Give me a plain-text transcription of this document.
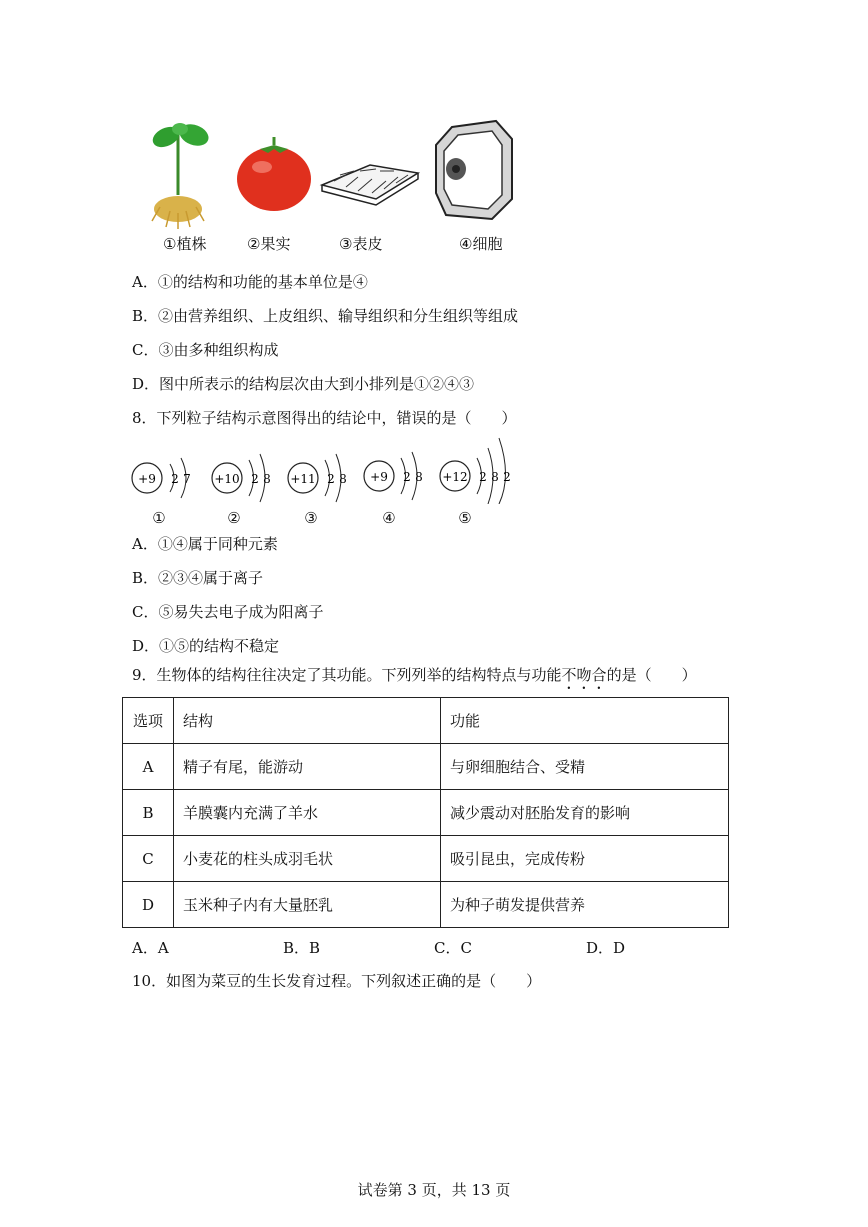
①植株	②果实	③表皮	④细胞
A．①的结构和功能的基本单位是④
B．②由营养组织、上皮组织、输导组织和分生组织等组成
C．③由多种组织构成
D．图中所表示的结构层次由大到小排列是①②④③
8．下列粒子结构示意图得出的结论中，错误的是（　　）
+9 2 7 +10 2 8 +11 2 8 +9 2 8 +12 2 8 2
①	②	③	④	⑤
A．①④属于同种元素
B．②③④属于离子
C．⑤易失去电子成为阳离子
D．①⑤的结构不稳定
9．生物体的结构往往决定了其功能。下列列举的结构特点与功能不吻合的是（　　）
选项	结构	功能
A	精子有尾，能游动	与卵细胞结合、受精
B	羊膜囊内充满了羊水	减少震动对胚胎发育的影响
C	小麦花的柱头成羽毛状	吸引昆虫，完成传粉
D	玉米种子内有大量胚乳	为种子萌发提供营养
A．A	B．B	C．C	D．D
10．如图为菜豆的生长发育过程。下列叙述正确的是（　　）
试卷第 3 页，共 13 页
